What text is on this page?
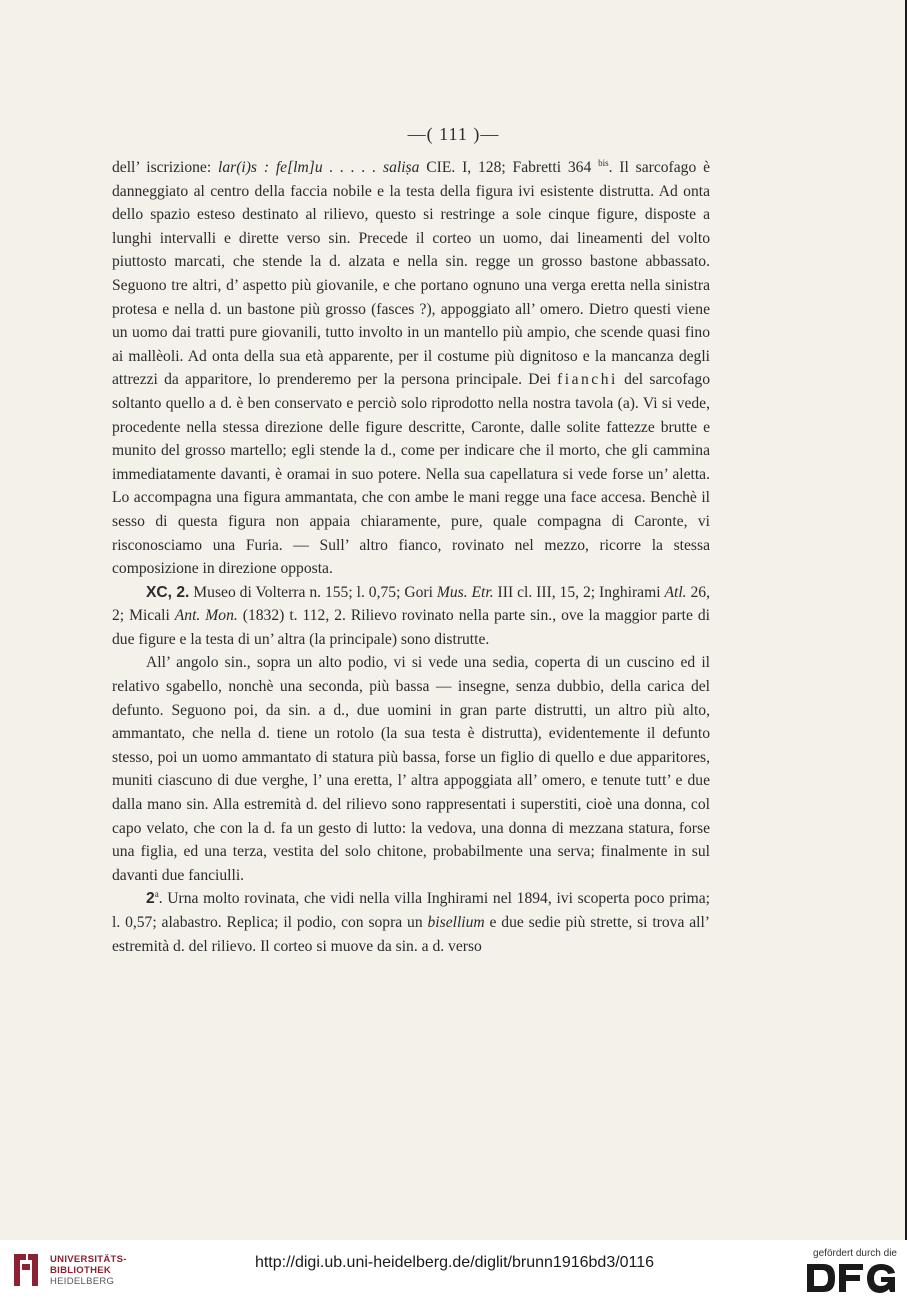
—( 111 )—

dell’ iscrizione: lar(i)s : fe[lm]u . . . . . saliṣa CIE. I, 128; Fabretti 364 $^{bis}$. Il sarcofago è danneggiato al centro della faccia nobile e la testa della figura ivi esistente distrutta. Ad onta dello spazio esteso destinato al rilievo, questo si restringe a sole cinque figure, disposte a lunghi intervalli e dirette verso sin. Precede il corteo un uomo, dai lineamenti del volto piuttosto marcati, che stende la d. alzata e nella sin. regge un grosso bastone abbassato. Seguono tre altri, d’ aspetto più giovanile, e che portano ognuno una verga eretta nella sinistra protesa e nella d. un bastone più grosso (fasces ?), appoggiato all’ omero. Dietro questi viene un uomo dai tratti pure giovanili, tutto involto in un mantello più ampio, che scende quasi fino ai mallèoli. Ad onta della sua età apparente, per il costume più dignitoso e la mancanza degli attrezzi da apparitore, lo prenderemo per la persona principale. Dei fianchi del sarcofago soltanto quello a d. è ben conservato e perciò solo riprodotto nella nostra tavola (a). Vi si vede, procedente nella stessa direzione delle figure descritte, Caronte, dalle solite fattezze brutte e munito del grosso martello; egli stende la d., come per indicare che il morto, che gli cammina immediatamente davanti, è oramai in suo potere. Nella sua capellatura si vede forse un’ aletta. Lo accompagna una figura ammantata, che con ambe le mani regge una face accesa. Benchè il sesso di questa figura non appaia chiaramente, pure, quale compagna di Caronte, vi risconosciamo una Furia. — Sull’ altro fianco, rovinato nel mezzo, ricorre la stessa composizione in direzione opposta.

XC, 2. Museo di Volterra n. 155; l. 0,75; Gori Mus. Etr. III cl. III, 15, 2; Inghirami Atl. 26, 2; Micali Ant. Mon. (1832) t. 112, 2. Rilievo rovinato nella parte sin., ove la maggior parte di due figure e la testa di un’ altra (la principale) sono distrutte.

All’ angolo sin., sopra un alto podio, vi si vede una sedia, coperta di un cuscino ed il relativo sgabello, nonchè una seconda, più bassa — insegne, senza dubbio, della carica del defunto. Seguono poi, da sin. a d., due uomini in gran parte distrutti, un altro più alto, ammantato, che nella d. tiene un rotolo (la sua testa è distrutta), evidentemente il defunto stesso, poi un uomo ammantato di statura più bassa, forse un figlio di quello e due apparitores, muniti ciascuno di due verghe, l’ una eretta, l’ altra appoggiata all’ omero, e tenute tutt’ e due dalla mano sin. Alla estremità d. del rilievo sono rappresentati i superstiti, cioè una donna, col capo velato, che con la d. fa un gesto di lutto: la vedova, una donna di mezzana statura, forse una figlia, ed una terza, vestita del solo chitone, probabilmente una serva; finalmente in sul davanti due fanciulli.

2$^a$. Urna molto rovinata, che vidi nella villa Inghirami nel 1894, ivi scoperta poco prima; l. 0,57; alabastro. Replica; il podio, con sopra un bisellium e due sedie più strette, si trova all’ estremità d. del rilievo. Il corteo si muove da sin. a d. verso

UNIVERSITÄTS-
BIBLIOTHEK
HEIDELBERG
http://digi.ub.uni-heidelberg.de/diglit/brunn1916bd3/0116
gefördert durch die
